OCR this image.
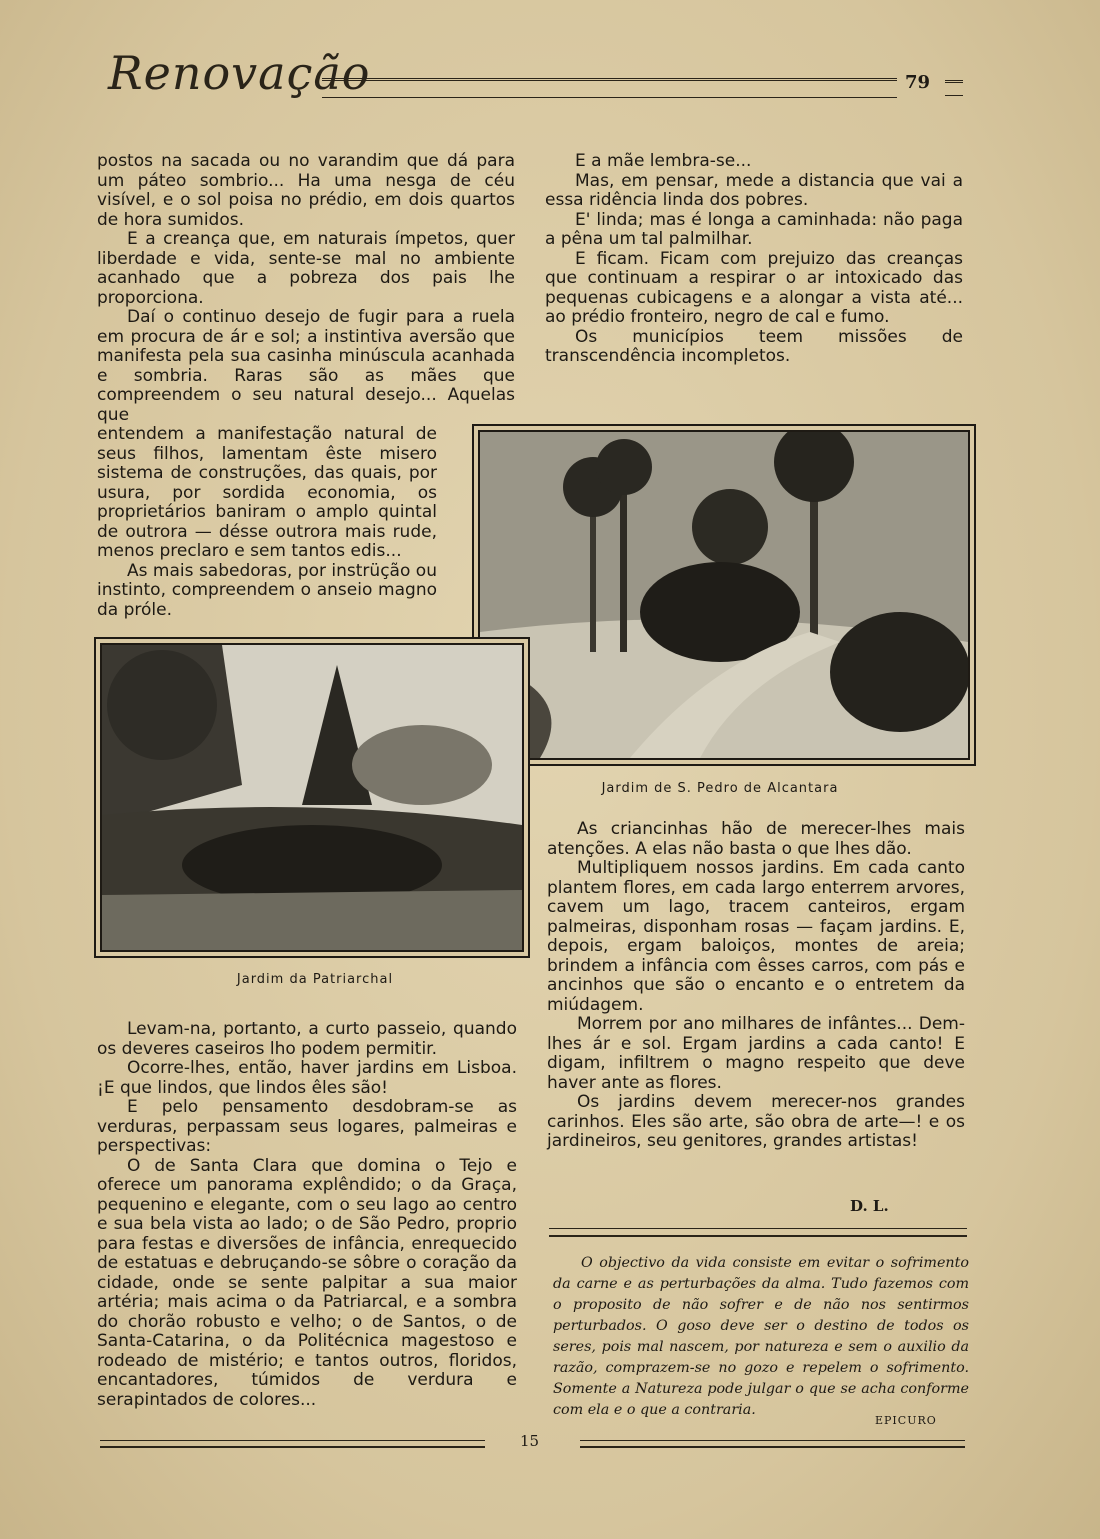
Renovação	79

postos na sacada ou no varandim que dá para um páteo sombrio... Ha uma nesga de céu visível, e o sol poisa no prédio, em dois quartos de hora sumidos.

E a creança que, em naturais ímpetos, quer liberdade e vida, sente-se mal no ambiente acanhado que a pobreza dos pais lhe proporciona.

Daí o continuo desejo de fugir para a ruela em procura de ár e sol; a instintiva aversão que manifesta pela sua casinha minúscula acanhada e sombria. Raras são as mães que compreendem o seu natural desejo... Aquelas que

entendem a manifestação natural de seus filhos, lamentam êste misero sistema de construções, das quais, por usura, por sordida economia, os proprietários baniram o amplo quintal de outrora — désse outrora mais rude, menos preclaro e sem tantos edis...

As mais sabedoras, por instrüção ou instinto, compreendem o anseio magno da próle.

E a mãe lembra-se...

Mas, em pensar, mede a distancia que vai a essa ridência linda dos pobres.

E' linda; mas é longa a caminhada: não paga a pêna um tal palmilhar.

E ficam. Ficam com prejuizo das creanças que continuam a respirar o ar intoxicado das pequenas cubicagens e a alongar a vista até... ao prédio fronteiro, negro de cal e fumo.

Os municípios teem missões de transcendência incompletos.

Jardim de S. Pedro de Alcantara
Jardim da Patriarchal

Levam-na, portanto, a curto passeio, quando os deveres caseiros lho podem permitir.

Ocorre-lhes, então, haver jardins em Lisboa. ¡E que lindos, que lindos êles são!

E pelo pensamento desdobram-se as verduras, perpassam seus logares, palmeiras e perspectivas:

O de Santa Clara que domina o Tejo e oferece um panorama explêndido; o da Graça, pequenino e elegante, com o seu lago ao centro e sua bela vista ao lado; o de São Pedro, proprio para festas e diversões de infância, enrequecido de estatuas e debruçando-se sôbre o coração da cidade, onde se sente palpitar a sua maior artéria; mais acima o da Patriarcal, e a sombra do chorão robusto e velho; o de Santos, o de Santa-Catarina, o da Politécnica magestoso e rodeado de mistério; e tantos outros, floridos, encantadores, túmidos de verdura e serapintados de colores...

As criancinhas hão de merecer-lhes mais atenções. A elas não basta o que lhes dão.

Multipliquem nossos jardins. Em cada canto plantem flores, em cada largo enterrem arvores, cavem um lago, tracem canteiros, ergam palmeiras, disponham rosas — façam jardins. E, depois, ergam baloiços, montes de areia; brindem a infância com êsses carros, com pás e ancinhos que são o encanto e o entretem da miúdagem.

Morrem por ano milhares de infântes... Dem-lhes ár e sol. Ergam jardins a cada canto! E digam, infiltrem o magno respeito que deve haver ante as flores.

Os jardins devem merecer-nos grandes carinhos. Eles são arte, são obra de arte—! e os jardineiros, seu genitores, grandes artistas!

D. L.

O objectivo da vida consiste em evitar o sofrimento da carne e as perturbações da alma. Tudo fazemos com o proposito de não sofrer e de não nos sentirmos perturbados. O goso deve ser o destino de todos os seres, pois mal nascem, por natureza e sem o auxilio da razão, comprazem-se no gozo e repelem o sofrimento. Somente a Natureza pode julgar o que se acha conforme com ela e o que a contraria.

EPICURO
15
